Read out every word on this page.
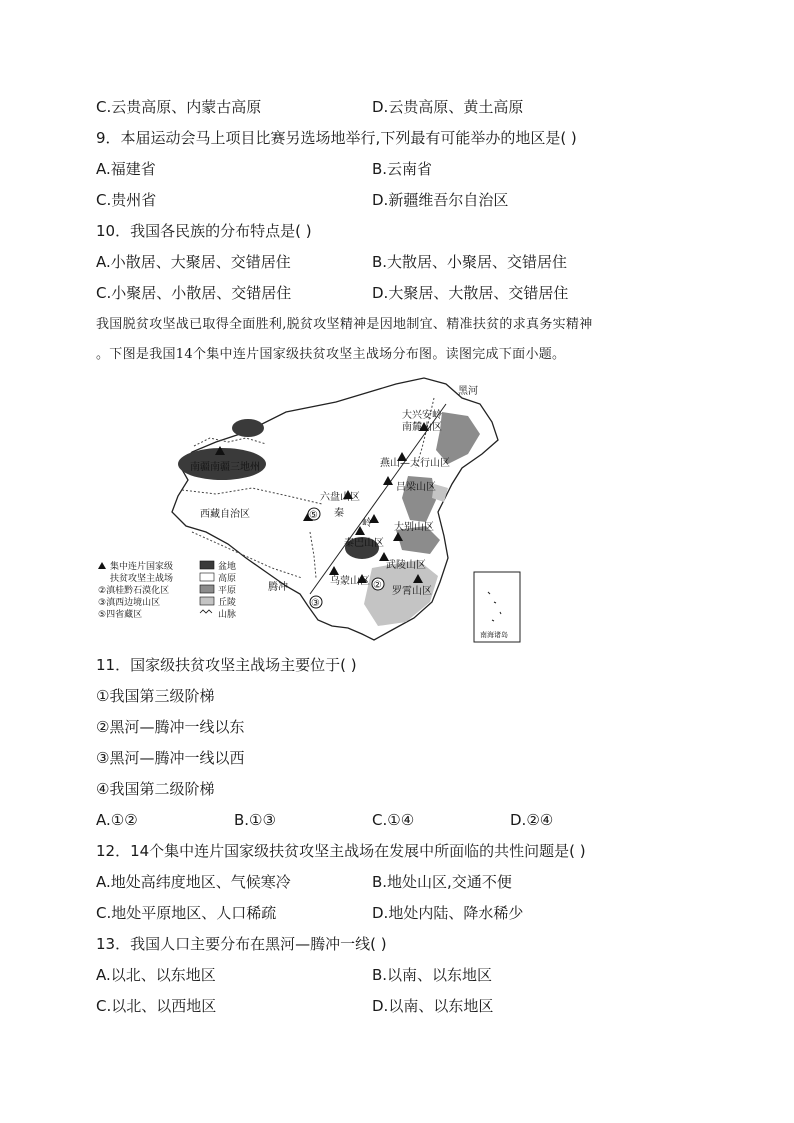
C.云贵高原、内蒙古高原	D.云贵高原、黄土高原
9．本届运动会马上项目比赛另选场地举行,下列最有可能举办的地区是( )
A.福建省	B.云南省
C.贵州省	D.新疆维吾尔自治区
10．我国各民族的分布特点是( )
A.小散居、大聚居、交错居住	B.大散居、小聚居、交错居住
C.小聚居、小散居、交错居住	D.大聚居、大散居、交错居住
我国脱贫攻坚战已取得全面胜利,脱贫攻坚精神是因地制宜、精准扶贫的求真务实精神
。下图是我国14个集中连片国家级扶贫攻坚主战场分布图。读图完成下面小题。
⑤
②
③
黑河
大兴安岭
南麓山区
燕山—太行山区
吕梁山区
六盘山区
南疆南疆三地州
西藏自治区	秦
岭 大别山区
秦巴山区
武陵山区
乌蒙山区
罗霄山区
腾冲
南海诸岛
集中连片国家级
扶贫攻坚主战场
②滇桂黔石漠化区
③滇西边境山区
⑤四省藏区
盆地
高原
平原
丘陵
山脉
11．国家级扶贫攻坚主战场主要位于( )
①我国第三级阶梯
②黑河—腾冲一线以东
③黑河—腾冲一线以西
④我国第二级阶梯
A.①②	B.①③	C.①④	D.②④
12．14个集中连片国家级扶贫攻坚主战场在发展中所面临的共性问题是( )
A.地处高纬度地区、气候寒冷	B.地处山区,交通不便
C.地处平原地区、人口稀疏	D.地处内陆、降水稀少
13．我国人口主要分布在黑河—腾冲一线( )
A.以北、以东地区	B.以南、以东地区
C.以北、以西地区	D.以南、以东地区
